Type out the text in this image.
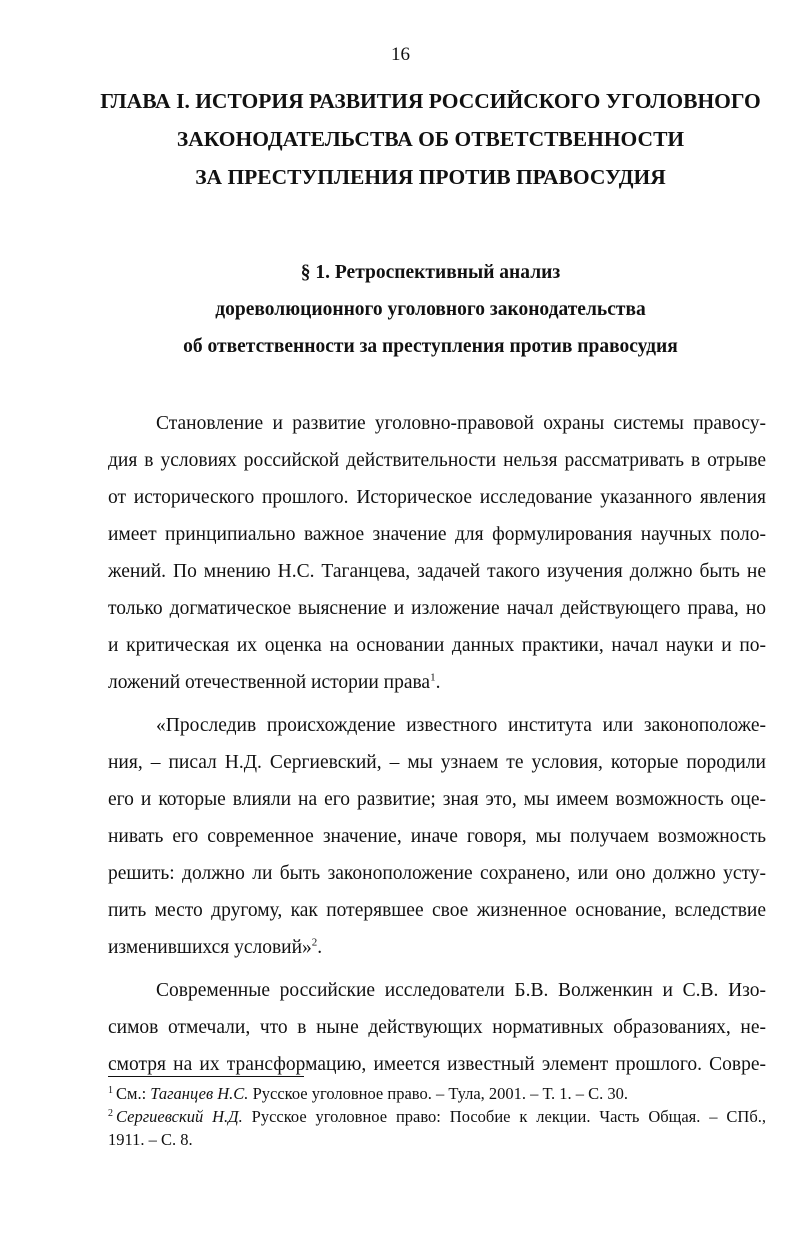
16
ГЛАВА I. ИСТОРИЯ РАЗВИТИЯ РОССИЙСКОГО УГОЛОВНОГО
ЗАКОНОДАТЕЛЬСТВА ОБ ОТВЕТСТВЕННОСТИ
ЗА ПРЕСТУПЛЕНИЯ ПРОТИВ ПРАВОСУДИЯ
§ 1. Ретроспективный анализ
дореволюционного уголовного законодательства
об ответственности за преступления против правосудия
Становление и развитие уголовно-правовой охраны системы правосу-
дия в условиях российской действительности нельзя рассматривать в отрыве
от исторического прошлого. Историческое исследование указанного явления
имеет принципиально важное значение для формулирования научных поло-
жений. По мнению Н.С. Таганцева, задачей такого изучения должно быть не
только догматическое выяснение и изложение начал действующего права, но
и критическая их оценка на основании данных практики, начал науки и по-
ложений отечественной истории права$^1$.
«Проследив происхождение известного института или законоположе-
ния, – писал Н.Д. Сергиевский, – мы узнаем те условия, которые породили
его и которые влияли на его развитие; зная это, мы имеем возможность оце-
нивать его современное значение, иначе говоря, мы получаем возможность
решить: должно ли быть законоположение сохранено, или оно должно усту-
пить место другому, как потерявшее свое жизненное основание, вследствие
изменившихся условий»$^2$.
Современные российские исследователи Б.В. Волженкин и С.В. Изо-
симов отмечали, что в ныне действующих нормативных образованиях, не-
смотря на их трансформацию, имеется известный элемент прошлого. Совре-
$^1$ См.: Таганцев Н.С. Русское уголовное право. – Тула, 2001. – Т. 1. – С. 30.
$^2$ Сергиевский Н.Д. Русское уголовное право: Пособие к лекции. Часть Общая. – СПб.,
1911. – С. 8.
